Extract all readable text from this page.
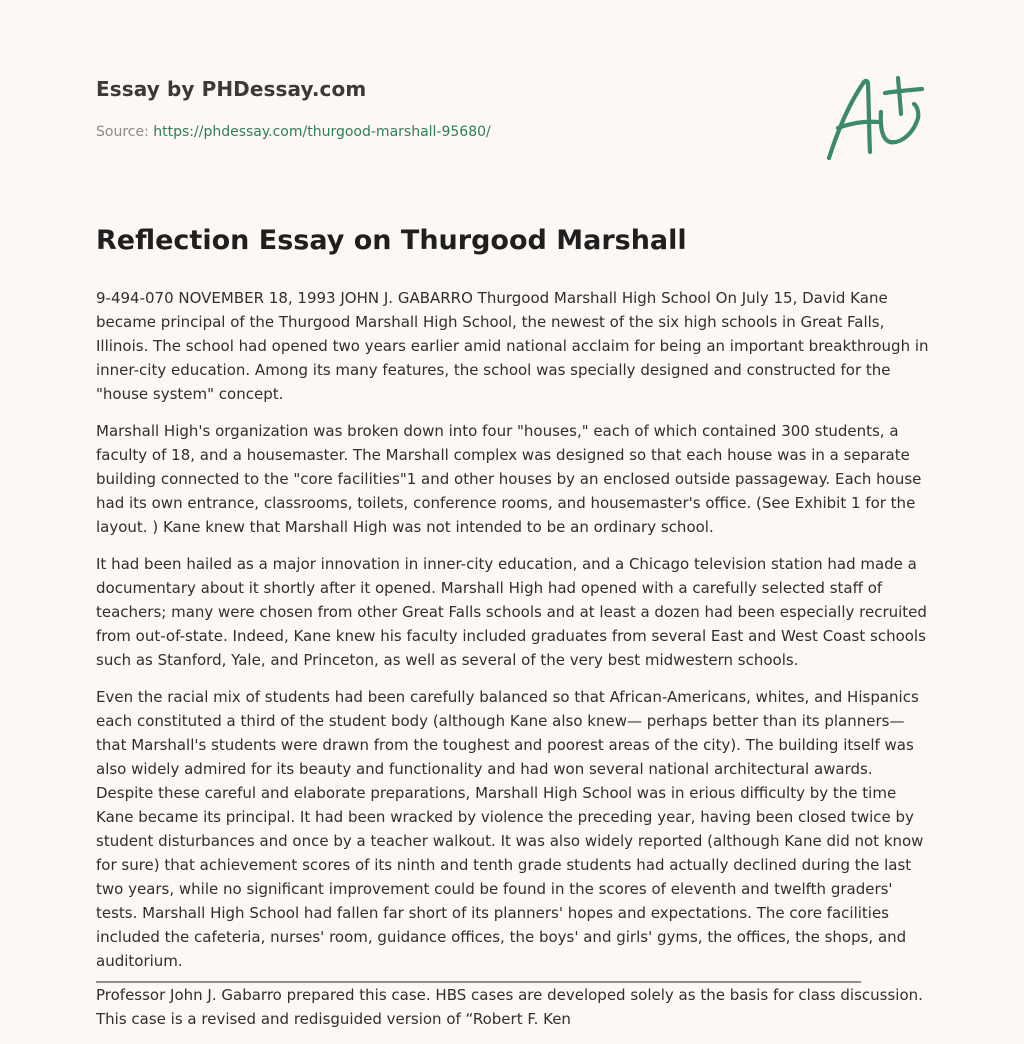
Essay by PHDessay.com

Source: https://phdessay.com/thurgood-marshall-95680/

Reflection Essay on Thurgood Marshall

9-494-070 NOVEMBER 18, 1993 JOHN J. GABARRO Thurgood Marshall High School On July 15, David Kane became principal of the Thurgood Marshall High School, the newest of the six high schools in Great Falls, Illinois. The school had opened two years earlier amid national acclaim for being an important breakthrough in inner-city education. Among its many features, the school was specially designed and constructed for the "house system" concept.

Marshall High's organization was broken down into four "houses," each of which contained 300 students, a faculty of 18, and a housemaster. The Marshall complex was designed so that each house was in a separate building connected to the "core facilities"1 and other houses by an enclosed outside passageway. Each house had its own entrance, classrooms, toilets, conference rooms, and housemaster's office. (See Exhibit 1 for the layout. ) Kane knew that Marshall High was not intended to be an ordinary school.

It had been hailed as a major innovation in inner-city education, and a Chicago television station had made a documentary about it shortly after it opened. Marshall High had opened with a carefully selected staff of teachers; many were chosen from other Great Falls schools and at least a dozen had been especially recruited from out-of-state. Indeed, Kane knew his faculty included graduates from several East and West Coast schools such as Stanford, Yale, and Princeton, as well as several of the very best midwestern schools.

Even the racial mix of students had been carefully balanced so that African-Americans, whites, and Hispanics each constituted a third of the student body (although Kane also knew— perhaps better than its planners—that Marshall's students were drawn from the toughest and poorest areas of the city). The building itself was also widely admired for its beauty and functionality and had won several national architectural awards. Despite these careful and elaborate preparations, Marshall High School was in erious difficulty by the time Kane became its principal. It had been wracked by violence the preceding year, having been closed twice by student disturbances and once by a teacher walkout. It was also widely reported (although Kane did not know for sure) that achievement scores of its ninth and tenth grade students had actually declined during the last two years, while no significant improvement could be found in the scores of eleventh and twelfth graders' tests. Marshall High School had fallen far short of its planners' hopes and expectations. The core facilities included the cafeteria, nurses' room, guidance offices, the boys' and girls' gyms, the offices, the shops, and auditorium.

______________________________________________________________________________________________________

Professor John J. Gabarro prepared this case. HBS cases are developed solely as the basis for class discussion. This case is a revised and redisguided version of “Robert F. Ken
